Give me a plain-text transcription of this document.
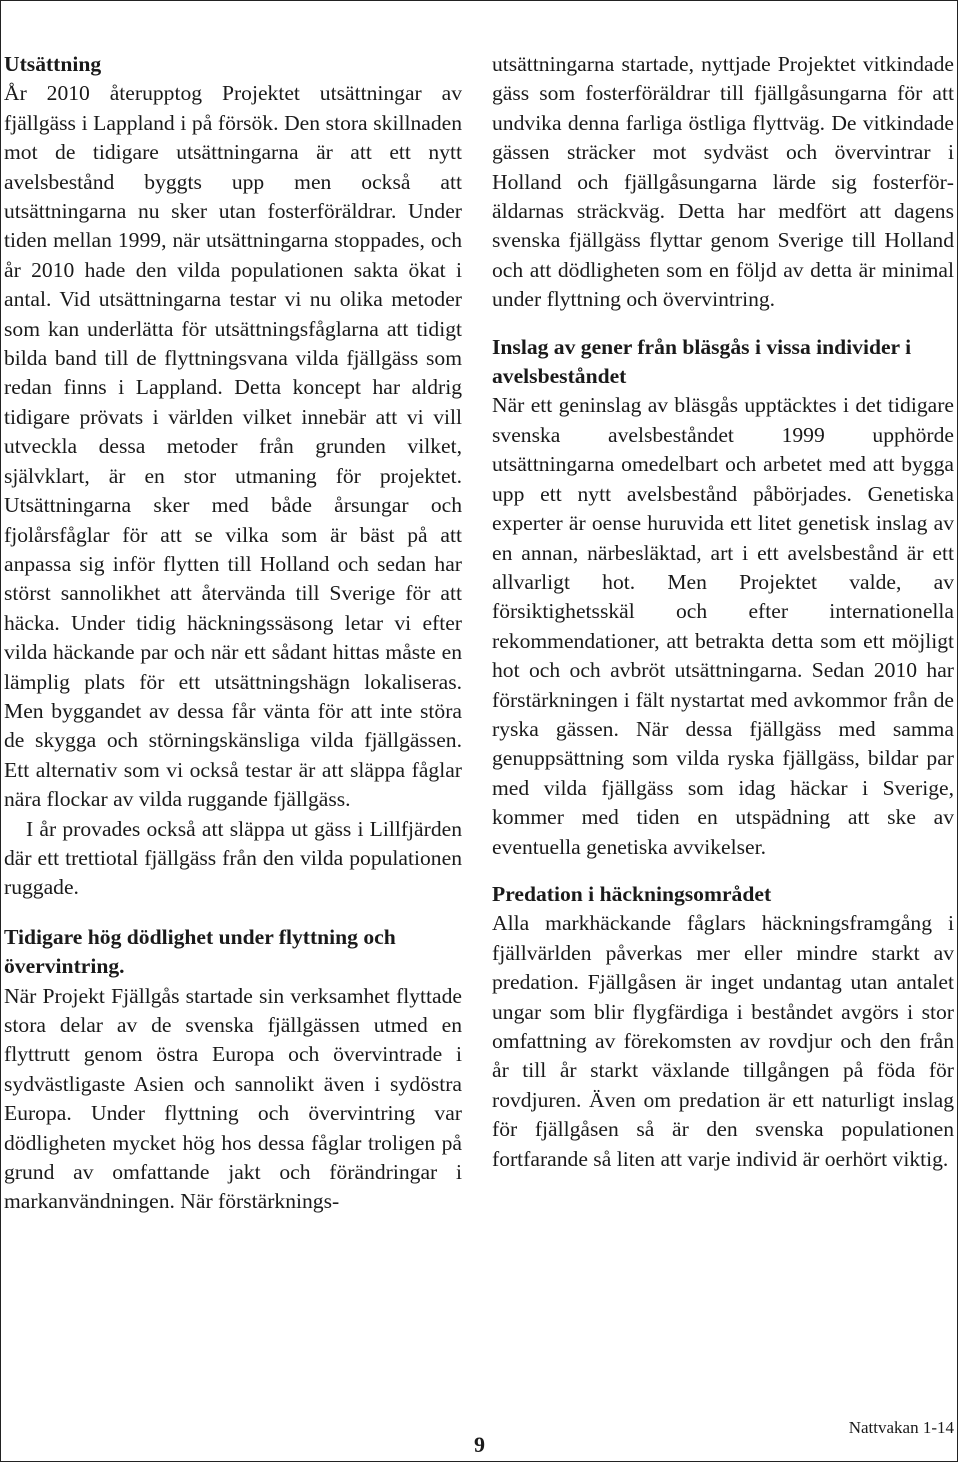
Utsättning

År 2010 återupptog Projektet utsättningar av fjällgäss i Lappland i på försök. Den stora skillnaden mot de tidigare utsättningarna är att ett nytt avelsbestånd byggts upp men också att utsättningarna nu sker utan fosterföräldrar. Under tiden mellan 1999, när utsättningarna stoppades, och år 2010 hade den vilda populationen sakta ökat i antal. Vid utsättningarna testar vi nu olika metoder som kan underlätta för utsättningsfåglarna att tidigt bilda band till de flyttningsvana vilda fjällgäss som redan finns i Lappland. Detta koncept har aldrig tidigare prövats i världen vilket innebär att vi vill utveckla dessa metoder från grunden vilket, självklart, är en stor utmaning för projektet. Utsättningarna sker med både årsungar och fjolårsfåglar för att se vilka som är bäst på att anpassa sig inför flytten till Holland och sedan har störst sannolikhet att återvända till Sverige för att häcka. Under tidig häckningssäsong letar vi efter vilda häckande par och när ett sådant hittas måste en lämplig plats för ett utsättningshägn lokaliseras. Men byggandet av dessa får vänta för att inte störa de skygga och störningskänsliga vilda fjällgässen. Ett alternativ som vi också testar är att släppa fåglar nära flockar av vilda ruggande fjällgäss.

I år provades också att släppa ut gäss i Lillfjärden där ett trettiotal fjällgäss från den vilda populationen ruggade.

Tidigare hög dödlighet under flyttning och övervintring.

När Projekt Fjällgås startade sin verksamhet flyttade stora delar av de svenska fjällgässen utmed en flyttrutt genom östra Europa och övervintrade i sydvästligaste Asien och sannolikt även i sydöstra Europa. Under flyttning och övervintring var dödligheten mycket hög hos dessa fåglar troligen på grund av omfattande jakt och förändringar i markanvändningen. När förstärknings-

utsättningarna startade, nyttjade Projektet vitkindade gäss som fosterföräldrar till fjällgåsungarna för att undvika denna farliga östliga flyttväg. De vitkindade gässen sträcker mot sydväst och övervintrar i Holland och fjällgåsungarna lärde sig fosterföräldarnas sträckväg. Detta har medfört att dagens svenska fjällgäss flyttar genom Sverige till Holland och att dödligheten som en följd av detta är minimal under flyttning och övervintring.

Inslag av gener från bläsgås i vissa individer i avelsbeståndet

När ett geninslag av bläsgås upptäcktes i det tidigare svenska avelsbeståndet 1999 upphörde utsättningarna omedelbart och arbetet med att bygga upp ett nytt avelsbestånd påbörjades. Genetiska experter är oense huruvida ett litet genetisk inslag av en annan, närbesläktad, art i ett avelsbestånd är ett allvarligt hot. Men Projektet valde, av försiktighetsskäl och efter internationella rekommendationer, att betrakta detta som ett möjligt hot och och avbröt utsättningarna. Sedan 2010 har förstärkningen i fält nystartat med avkommor från de ryska gässen. När dessa fjällgäss med samma genuppsättning som vilda ryska fjällgäss, bildar par med vilda fjällgäss som idag häckar i Sverige, kommer med tiden en utspädning att ske av eventuella genetiska avvikelser.

Predation i häckningsområdet

Alla markhäckande fåglars häckningsframgång i fjällvärlden påverkas mer eller mindre starkt av predation. Fjällgåsen är inget undantag utan antalet ungar som blir flygfärdiga i beståndet avgörs i stor omfattning av förekomsten av rovdjur och den från år till år starkt växlande tillgången på föda för rovdjuren. Även om predation är ett naturligt inslag för fjällgåsen så är den svenska populationen fortfarande så liten att varje individ är oerhört viktig.

9
Nattvakan 1-14
